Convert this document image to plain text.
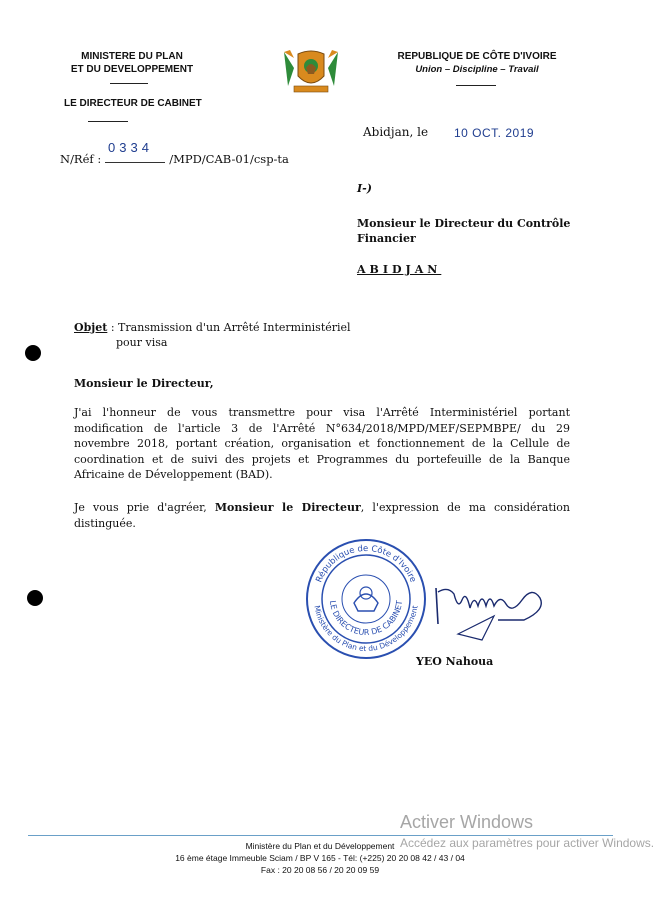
MINISTERE DU PLAN
ET DU DEVELOPPEMENT
LE DIRECTEUR DE CABINET
REPUBLIQUE DE CÔTE D'IVOIRE
Union – Discipline – Travail
Abidjan, le 10 OCT. 2019
0334
N/Réf :	/MPD/CAB-01/csp-ta
I-)
Monsieur le Directeur du Contrôle Financier
ABIDJAN
Objet : Transmission d'un Arrêté Interministériel
pour visa
Monsieur le Directeur,
J'ai l'honneur de vous transmettre pour visa l'Arrêté Interministériel portant modification de l'article 3 de l'Arrêté N°634/2018/MPD/MEF/SEPMBPE/ du 29 novembre 2018, portant création, organisation et fonctionnement de la Cellule de coordination et de suivi des projets et Programmes du portefeuille de la Banque Africaine de Développement (BAD).
Je vous prie d'agréer, Monsieur le Directeur, l'expression de ma considération distinguée.
République de Côte d'Ivoire
Ministère du Plan et du Développement
LE DIRECTEUR DE CABINET
YEO Nahoua
Ministère du Plan et du Développement
16 ème étage Immeuble Sciam / BP V 165 - Tél: (+225) 20 20 08 42 / 43 / 04
Fax : 20 20 08 56 / 20 20 09 59
Activer Windows
Accédez aux paramètres pour activer Windows.
